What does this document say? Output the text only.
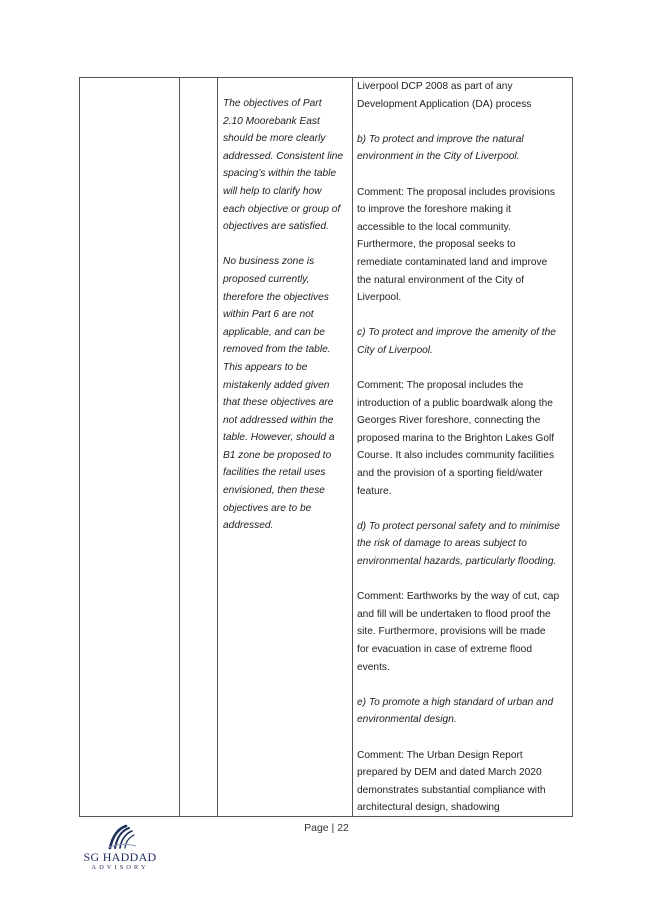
The objectives of Part
2.10 Moorebank East
should be more clearly
addressed. Consistent line
spacing’s within the table
will help to clarify how
each objective or group of
objectives are satisfied.
No business zone is
proposed currently,
therefore the objectives
within Part 6 are not
applicable, and can be
removed from the table.
This appears to be
mistakenly added given
that these objectives are
not addressed within the
table. However, should a
B1 zone be proposed to
facilities the retail uses
envisioned, then these
objectives are to be
addressed.
Liverpool DCP 2008 as part of any
Development Application (DA) process
b) To protect and improve the natural
environment in the City of Liverpool.
Comment: The proposal includes provisions
to improve the foreshore making it
accessible to the local community.
Furthermore, the proposal seeks to
remediate contaminated land and improve
the natural environment of the City of
Liverpool.
c) To protect and improve the amenity of the
City of Liverpool.
Comment: The proposal includes the
introduction of a public boardwalk along the
Georges River foreshore, connecting the
proposed marina to the Brighton Lakes Golf
Course. It also includes community facilities
and the provision of a sporting field/water
feature.
d) To protect personal safety and to minimise
the risk of damage to areas subject to
environmental hazards, particularly flooding.
Comment: Earthworks by the way of cut, cap
and fill will be undertaken to flood proof the
site. Furthermore, provisions will be made
for evacuation in case of extreme flood
events.
e) To promote a high standard of urban and
environmental design.
Comment: The Urban Design Report
prepared by DEM and dated March 2020
demonstrates substantial compliance with
architectural design, shadowing
Page | 22
SG HADDAD
ADVISORY
